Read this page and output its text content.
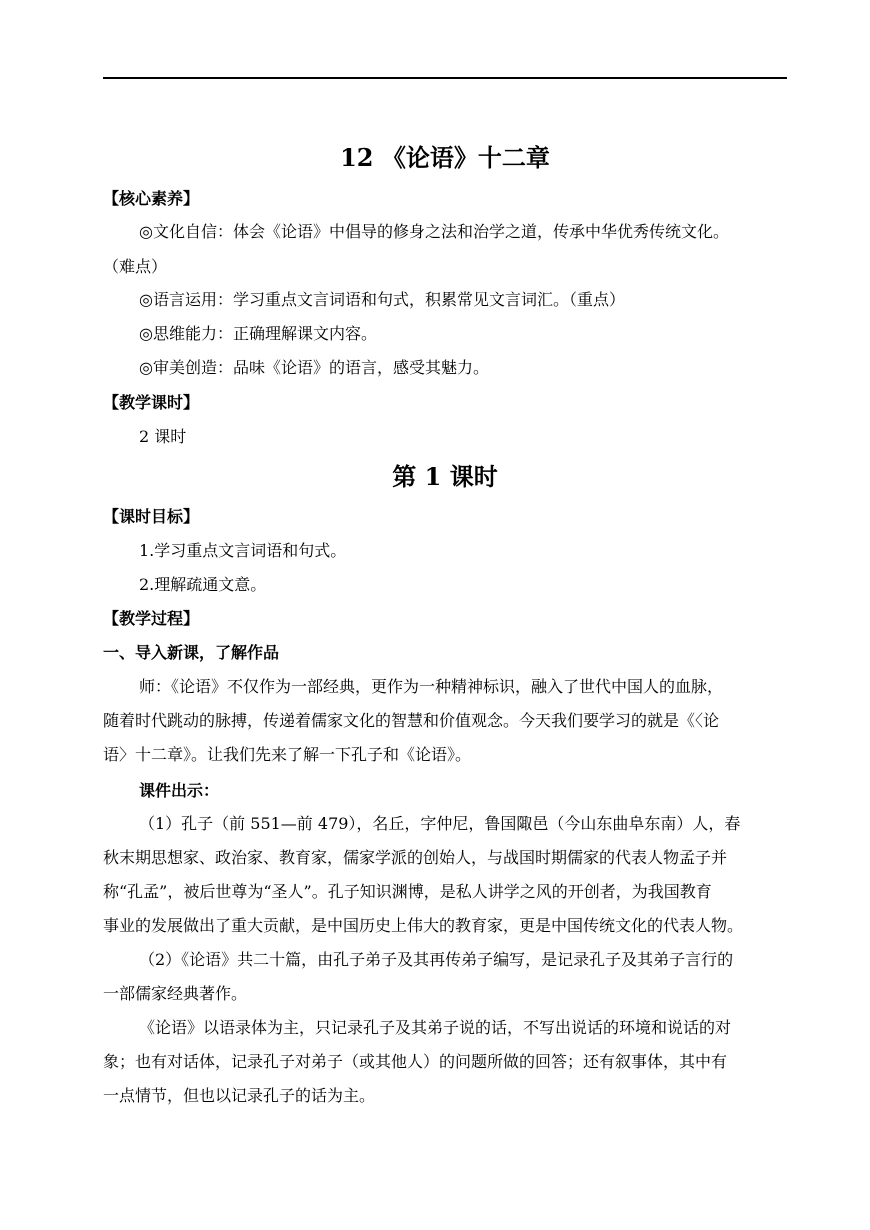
12 《论语》十二章
【核心素养】
◎文化自信：体会《论语》中倡导的修身之法和治学之道，传承中华优秀传统文化。
（难点）
◎语言运用：学习重点文言词语和句式，积累常见文言词汇。（重点）
◎思维能力：正确理解课文内容。
◎审美创造：品味《论语》的语言，感受其魅力。
【教学课时】
2 课时
第 1 课时
【课时目标】
1.学习重点文言词语和句式。
2.理解疏通文意。
【教学过程】
一、导入新课，了解作品
师：《论语》不仅作为一部经典，更作为一种精神标识，融入了世代中国人的血脉，
随着时代跳动的脉搏，传递着儒家文化的智慧和价值观念。今天我们要学习的就是《〈论
语〉十二章》。让我们先来了解一下孔子和《论语》。
课件出示：
（1）孔子（前 551—前 479），名丘，字仲尼，鲁国陬邑（今山东曲阜东南）人，春
秋末期思想家、政治家、教育家，儒家学派的创始人，与战国时期儒家的代表人物孟子并
称“孔孟”，被后世尊为“圣人”。孔子知识渊博，是私人讲学之风的开创者，为我国教育
事业的发展做出了重大贡献，是中国历史上伟大的教育家，更是中国传统文化的代表人物。
（2）《论语》共二十篇，由孔子弟子及其再传弟子编写，是记录孔子及其弟子言行的
一部儒家经典著作。
《论语》以语录体为主，只记录孔子及其弟子说的话，不写出说话的环境和说话的对
象；也有对话体，记录孔子对弟子（或其他人）的问题所做的回答；还有叙事体，其中有
一点情节，但也以记录孔子的话为主。
